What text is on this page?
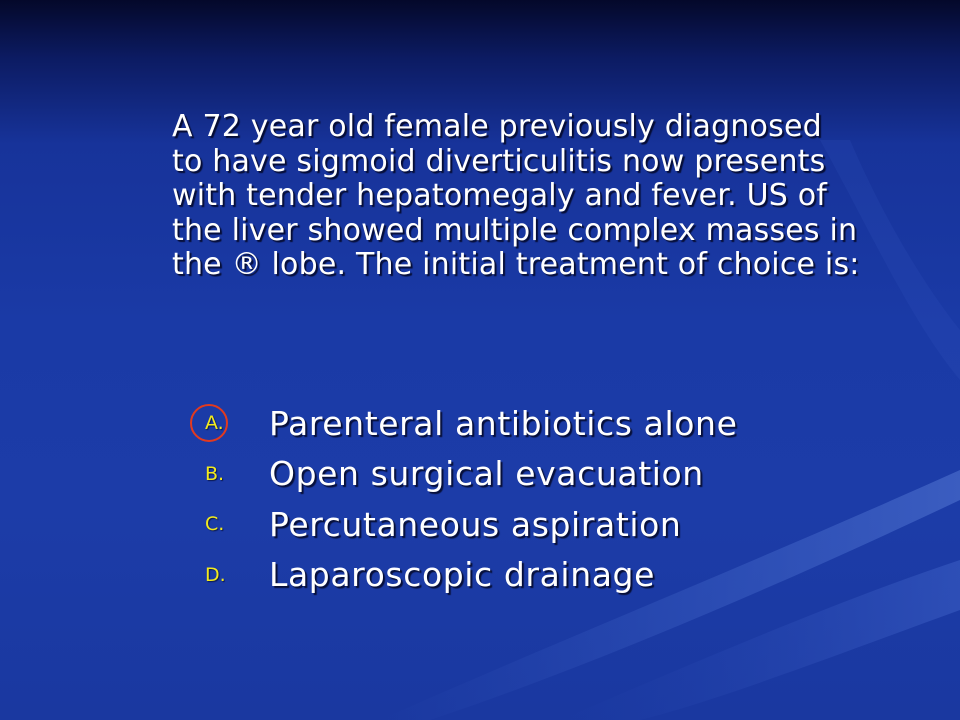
A 72 year old female previously diagnosed to have sigmoid diverticulitis now presents with tender hepatomegaly and fever. US of the liver showed multiple complex masses in the ® lobe. The initial treatment of choice is:
A.	Parenteral antibiotics alone
B.	Open surgical evacuation
C.	Percutaneous aspiration
D.	Laparoscopic drainage
